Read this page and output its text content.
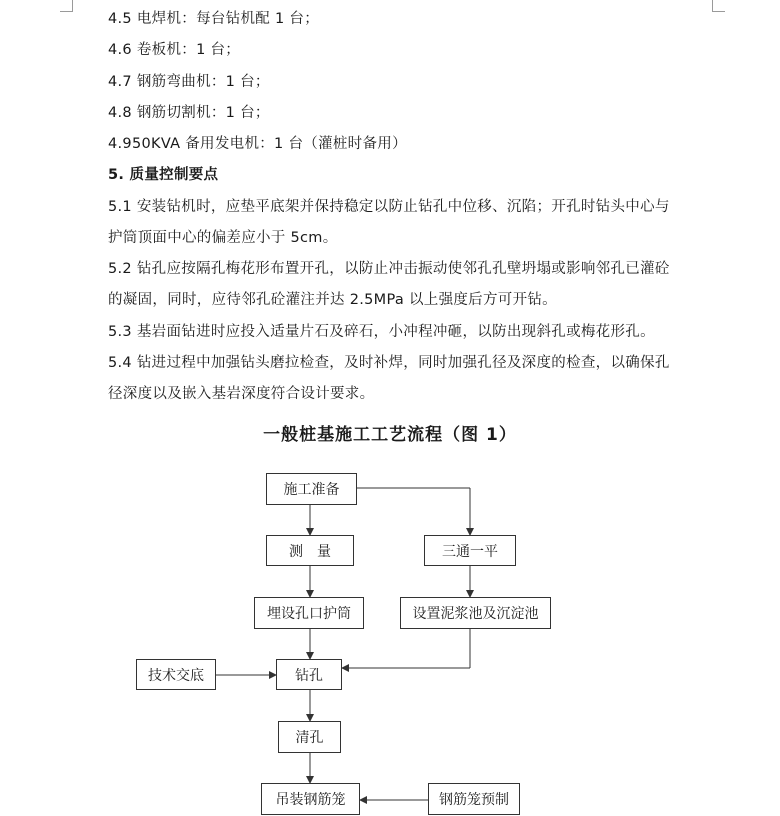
4.5 电焊机：每台钻机配 1 台；
4.6 卷板机：1 台；
4.7 钢筋弯曲机：1 台；
4.8 钢筋切割机：1 台；
4.950KVA 备用发电机：1 台（灌桩时备用）
5. 质量控制要点
5.1 安装钻机时，应垫平底架并保持稳定以防止钻孔中位移、沉陷；开孔时钻头中心与
护筒顶面中心的偏差应小于 5cm。
5.2 钻孔应按隔孔梅花形布置开孔，以防止冲击振动使邻孔孔壁坍塌或影响邻孔已灌砼
的凝固，同时，应待邻孔砼灌注并达 2.5MPa 以上强度后方可开钻。
5.3 基岩面钻进时应投入适量片石及碎石，小冲程冲砸，以防出现斜孔或梅花形孔。
5.4 钻进过程中加强钻头磨拉检查，及时补焊，同时加强孔径及深度的检查，以确保孔
径深度以及嵌入基岩深度符合设计要求。
一般桩基施工工艺流程（图 1）
施工准备
测　量	三通一平
埋设孔口护筒	设置泥浆池及沉淀池
技术交底	钻孔
清孔
吊装钢筋笼	钢筋笼预制
